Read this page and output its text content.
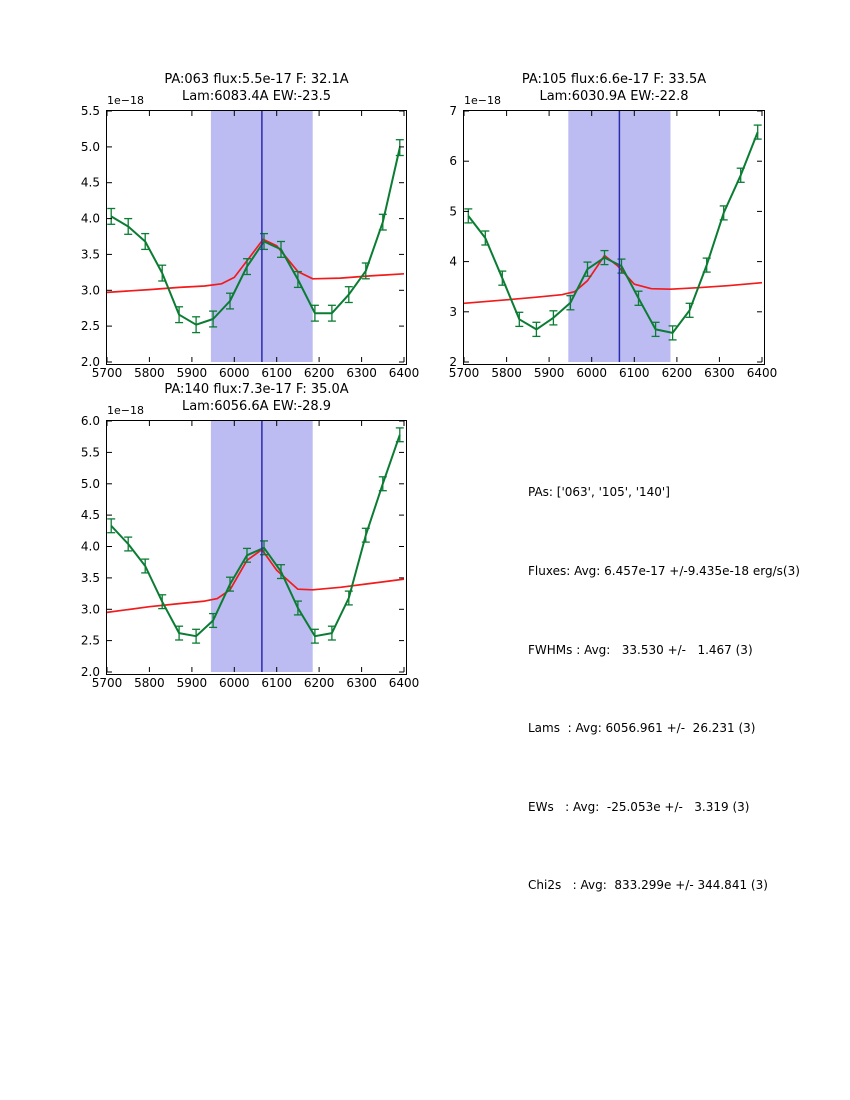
PA:063 flux:5.5e-17 F: 32.1A
Lam:6083.4A EW:-23.5
1e−18
5700 5800 5900 6000 6100 6200 6300 6400
2.0
2.5
3.0
3.5
4.0
4.5
5.0
5.5
PA:105 flux:6.6e-17 F: 33.5A
Lam:6030.9A EW:-22.8
1e−18
5700 5800 5900 6000 6100 6200 6300 6400
2
3
4
5
6
7
PA:140 flux:7.3e-17 F: 35.0A
Lam:6056.6A EW:-28.9
1e−18
5700 5800 5900 6000 6100 6200 6300 6400
2.0
2.5
3.0
3.5
4.0
4.5
5.0
5.5
6.0

PAs: ['063', '105', '140']

Fluxes: Avg: 6.457e-17 +/-9.435e-18 erg/s(3)

FWHMs : Avg:   33.530 +/-   1.467 (3)

Lams  : Avg: 6056.961 +/-  26.231 (3)

EWs   : Avg:  -25.053e +/-   3.319 (3)

Chi2s   : Avg:  833.299e +/- 344.841 (3)
